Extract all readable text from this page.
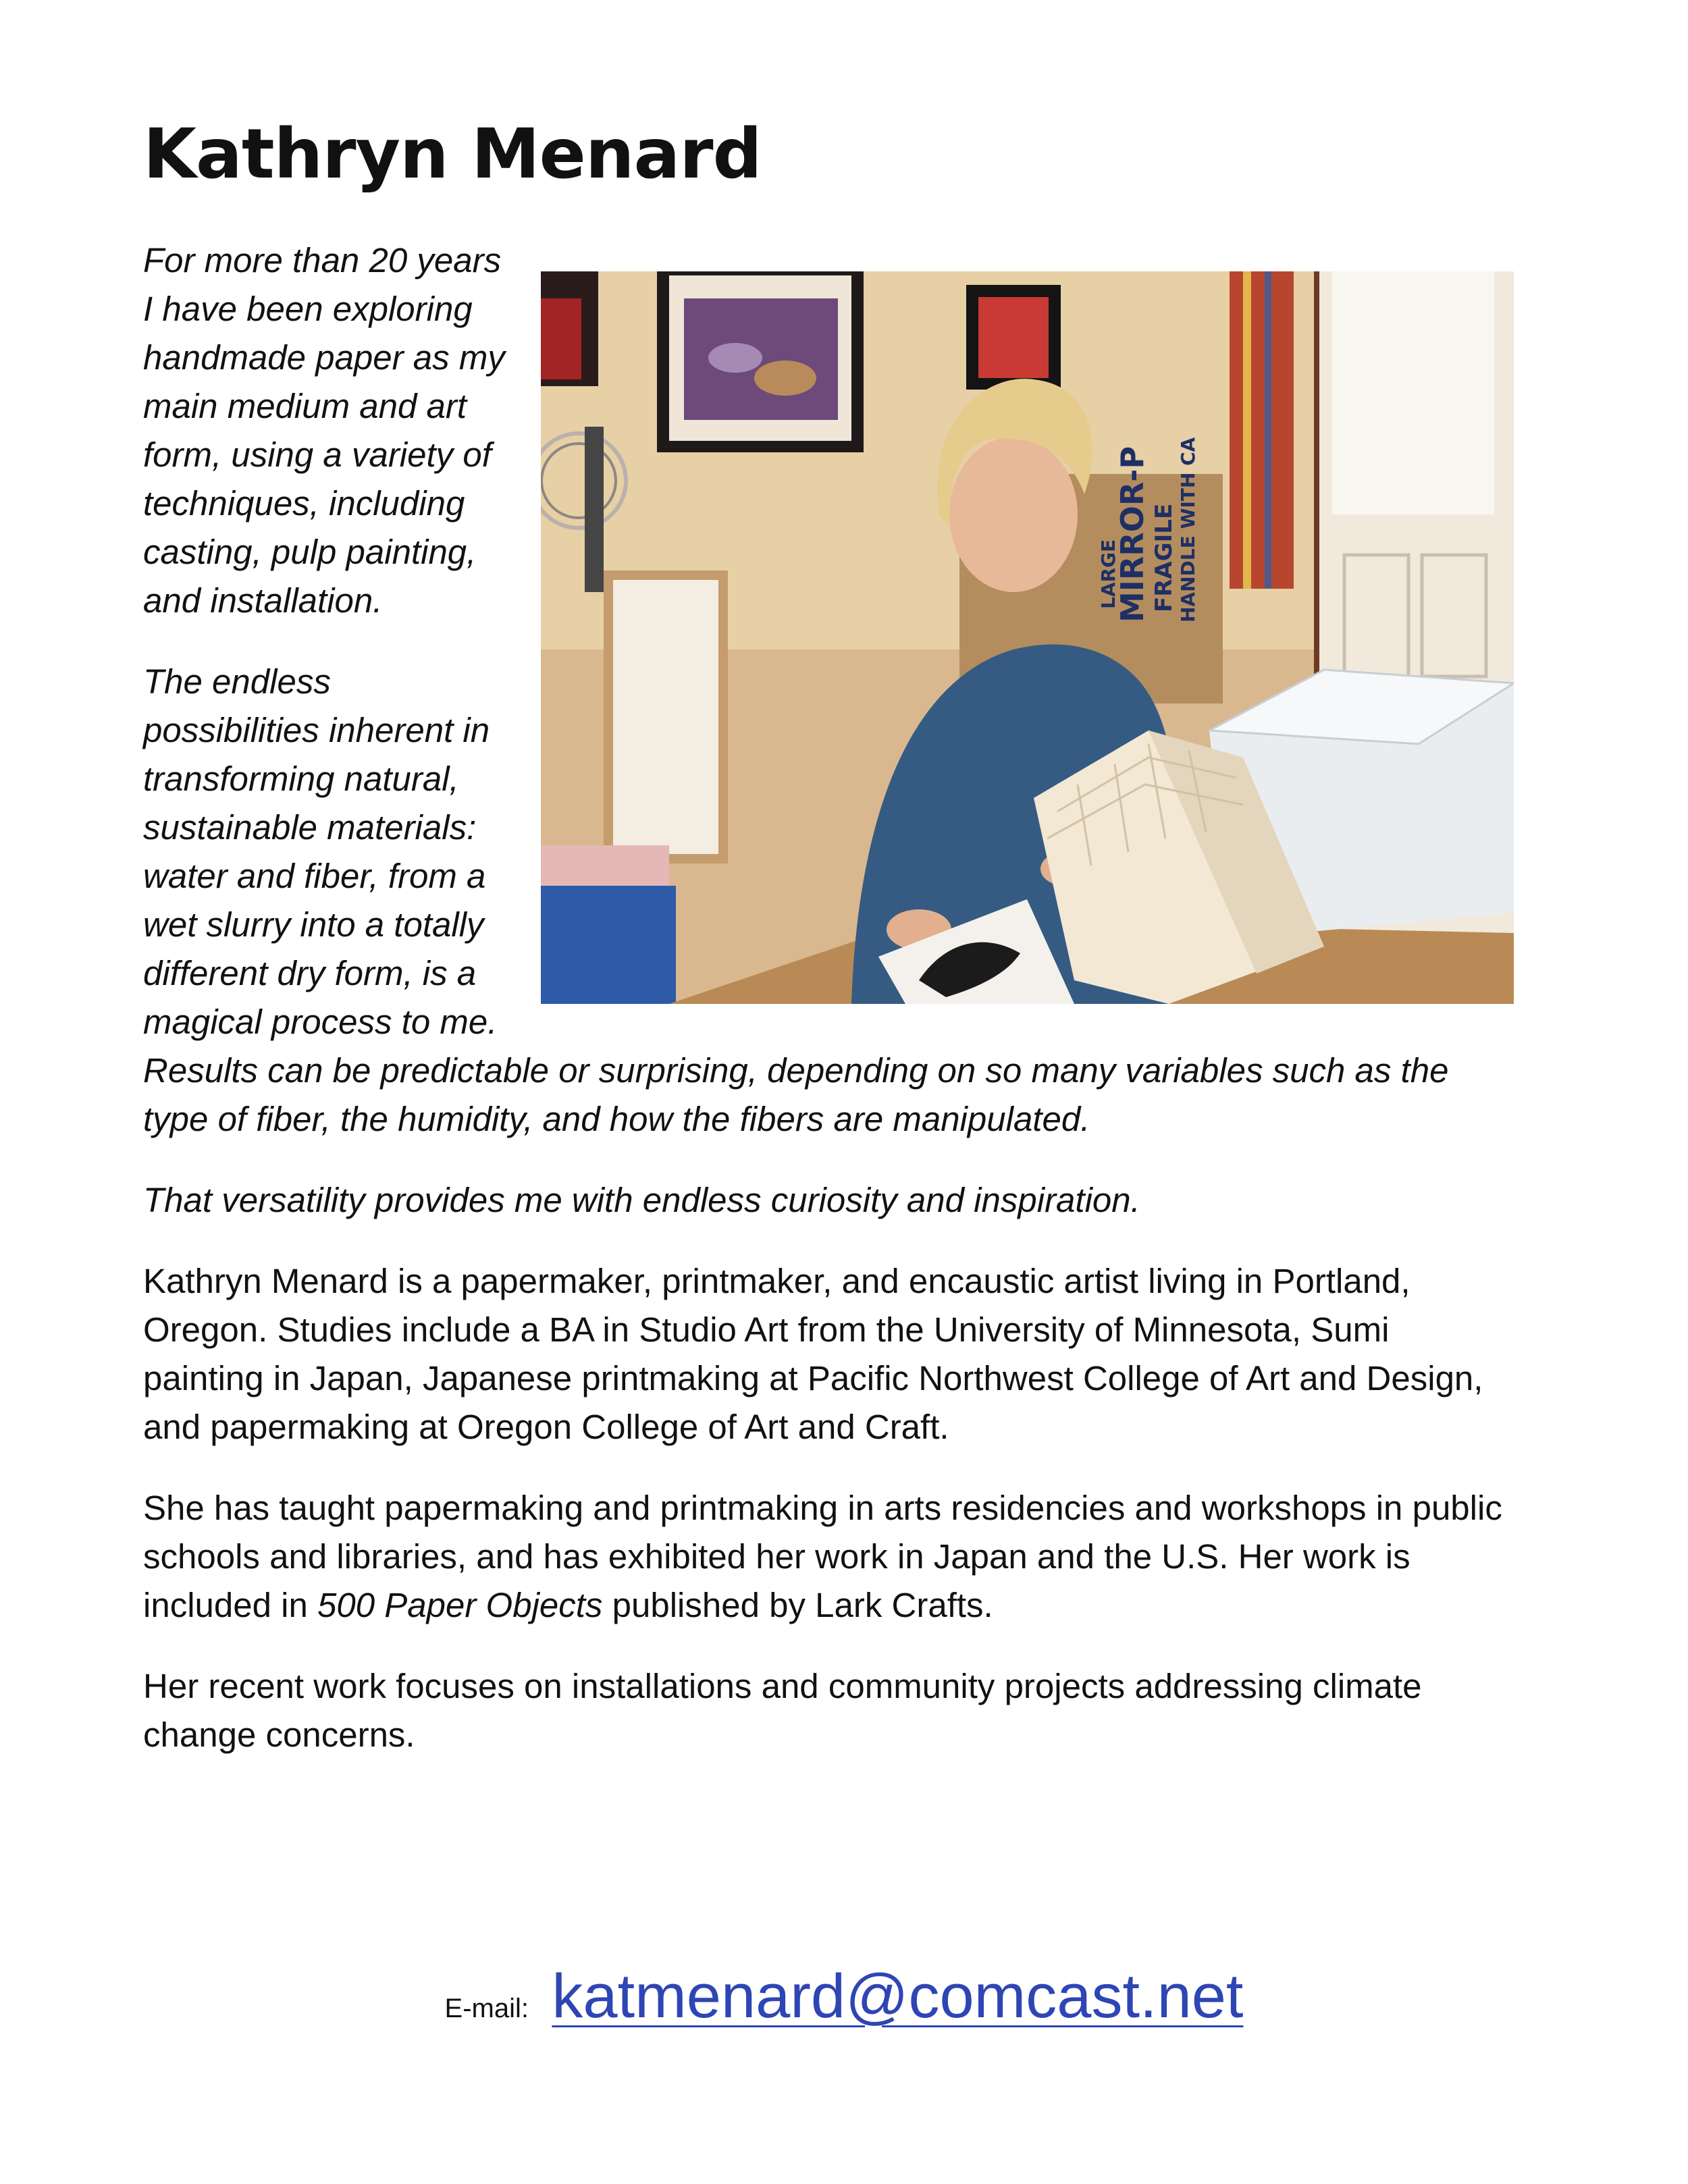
Kathryn Menard
LARGE
MIRROR-P FRAGILE HANDLE WITH CA

For more than 20 years I have been exploring handmade paper as my main medium and art form, using a variety of techniques, including casting, pulp painting, and installation.

The endless possibilities inherent in transforming natural, sustainable materials: water and fiber, from a wet slurry into a totally different dry form, is a magical process to me. Results can be predictable or surprising, depending on so many variables such as the type of fiber, the humidity, and how the fibers are manipulated.

That versatility provides me with endless curiosity and inspiration.

Kathryn Menard is a papermaker, printmaker, and encaustic artist living in Portland, Oregon. Studies include a BA in Studio Art from the University of Minnesota, Sumi painting in Japan, Japanese printmaking at Pacific Northwest College of Art and Design, and papermaking at Oregon College of Art and Craft.

She has taught papermaking and printmaking in arts residencies and workshops in public schools and libraries, and has exhibited her work in Japan and the U.S. Her work is included in 500 Paper Objects published by Lark Crafts.

Her recent work focuses on installations and community projects addressing climate change concerns.

E-mail: katmenard@comcast.net
